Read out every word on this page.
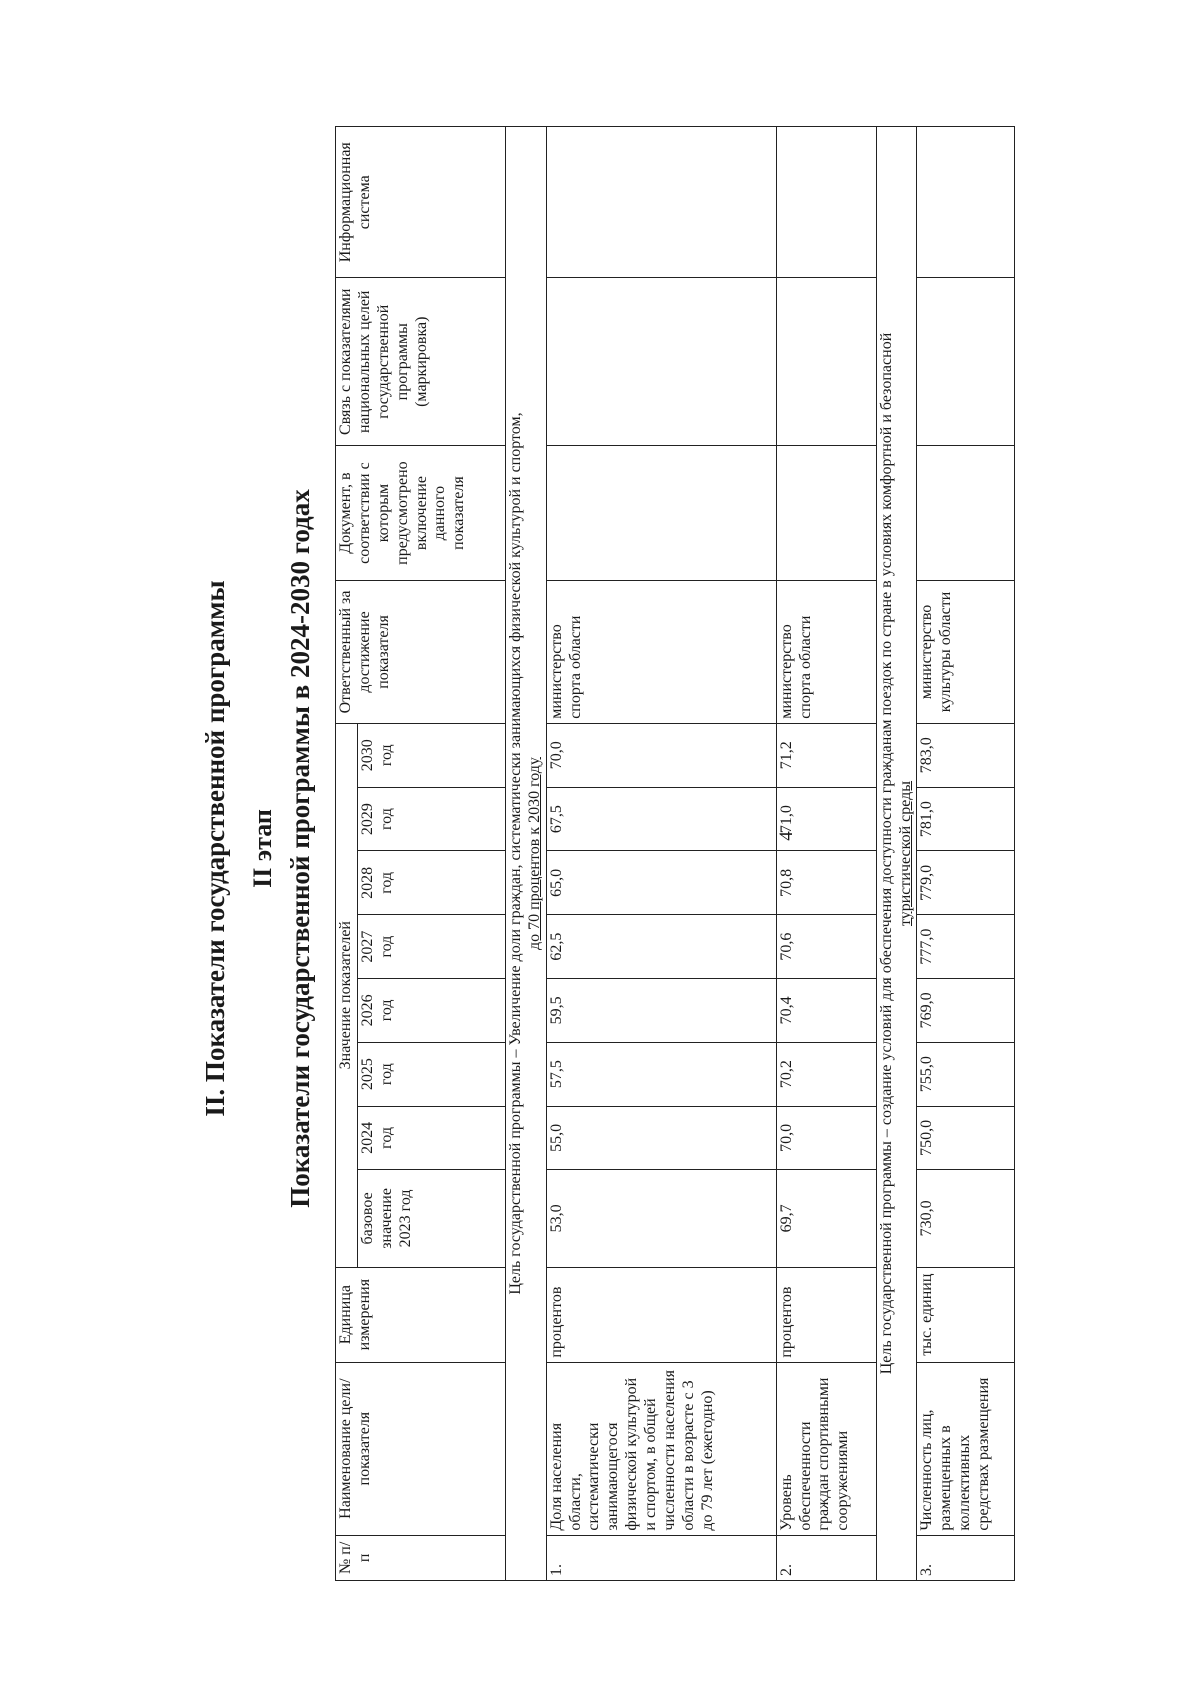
4
II. Показатели государственной программы II этап Показатели государственной программы в 2024-2030 годах
№ п/п	Наименование цели/показателя	Единица измерения	Значение показателей								Ответственный за достижение показателя	Документ, в соответствии с которым предусмотрено включение данного показателя	Связь с показателями национальных целей государственной программы (маркировка)	Информационная система
			базовое значение 2023 год	2024 год	2025 год	2026 год	2027 год	2028 год	2029 год	2030 год				

Цель государственной программы – Увеличение доли граждан, систематически занимающихся физической культурой и спортом, до 70 процентов к 2030 году														

1.	Доля населения области, систематически занимающегося физической культурой и спортом, в общей численности населения области в возрасте с 3 до 79 лет (ежегодно)	процентов	53,0	55,0	57,5	59,5	62,5	65,0	67,5	70,0	министерство спорта области			
2.	Уровень обеспеченности граждан спортивными сооружениями	процентов	69,7	70,0	70,2	70,4	70,6	70,8	71,0	71,2	министерство спорта области			

Цель государственной программы – создание условий для обеспечения доступности гражданам поездок по стране в условиях комфортной и безопасной туристической среды														

3.	Численность лиц, размещенных в коллективных средствах размещения	тыс. единиц	730,0	750,0	755,0	769,0	777,0	779,0	781,0	783,0	министерство культуры области			
